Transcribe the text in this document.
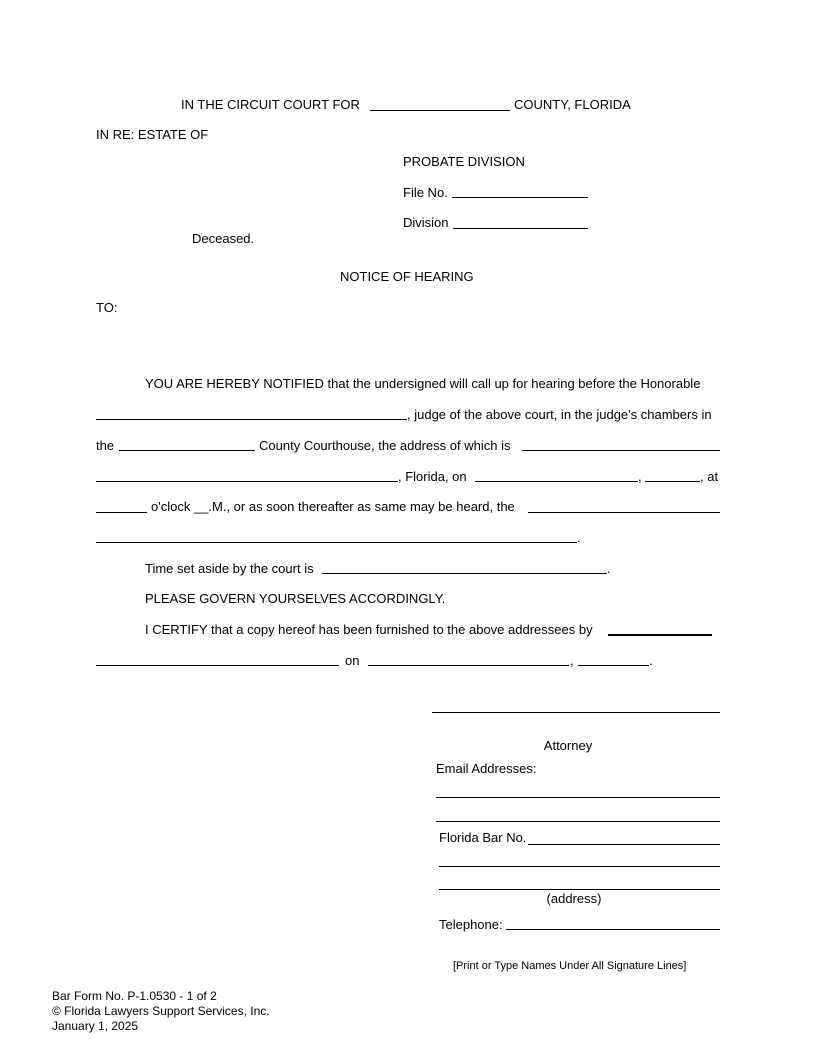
IN THE CIRCUIT COURT FOR	COUNTY, FLORIDA
IN RE: ESTATE OF
PROBATE DIVISION
File No.
Division
Deceased.
NOTICE OF HEARING
TO:
YOU ARE HEREBY NOTIFIED that the undersigned will call up for hearing before the Honorable
, judge of the above court, in the judge's chambers in
the	County Courthouse, the address of which is
, Florida, on	,	, at
o'clock __.M., or as soon thereafter as same may be heard, the
.
Time set aside by the court is	.
PLEASE GOVERN YOURSELVES ACCORDINGLY.
I CERTIFY that a copy hereof has been furnished to the above addressees by
on	,	.
Attorney
Email Addresses:
Florida Bar No.
(address)
Telephone:
[Print or Type Names Under All Signature Lines]
Bar Form No. P-1.0530 - 1 of 2
© Florida Lawyers Support Services, Inc.
January 1, 2025
